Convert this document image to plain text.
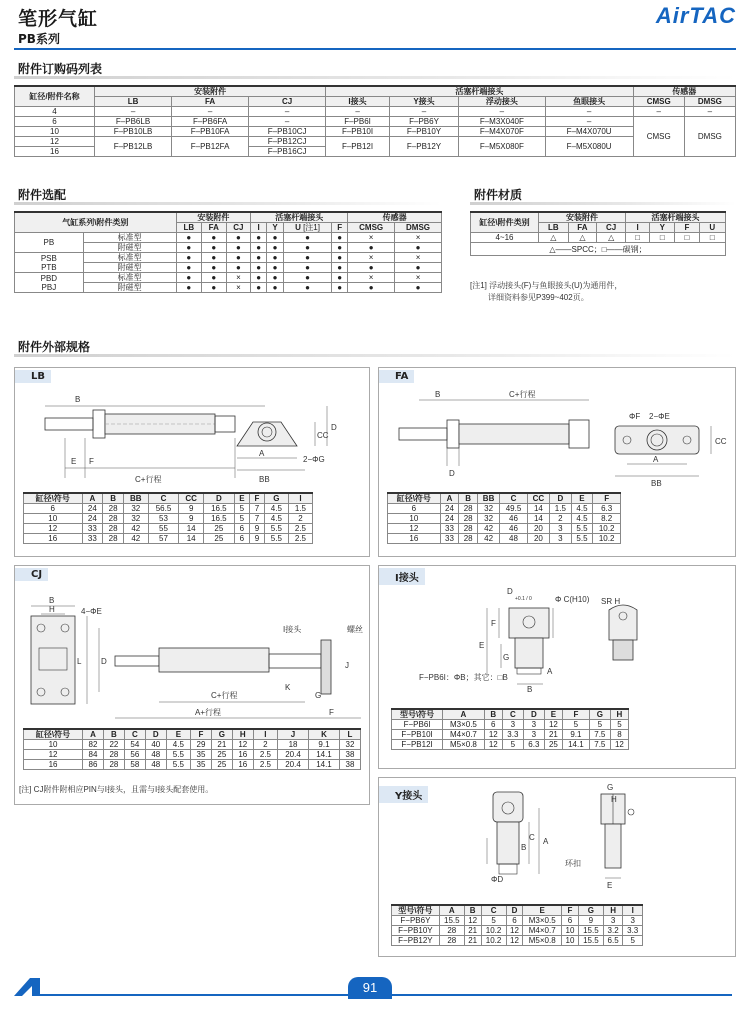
笔形气缸
PB系列
AirTAC
附件订购码列表
缸径/附件名称	安装附件			活塞杆端接头				传感器	
	LB	FA	CJ	I接头	Y接头	浮动接头	鱼眼接头	CMSG	DMSG
4	–	–	–	–	–	–	–	–	–
6	F–PB6LB	F–PB6FA	–	F–PB6I	F–PB6Y	F–M3X040F	–	CMSG	DMSG
10	F–PB10LB	F–PB10FA	F–PB10CJ	F–PB10I	F–PB10Y	F–M4X070F	F–M4X070U		
12	F–PB12LB	F–PB12FA	F–PB12CJ	F–PB12I	F–PB12Y	F–M5X080F	F–M5X080U		
16			F–PB16CJ						
附件选配
气缸系列\附件类别		安装附件			活塞杆端接头				传感器	
		LB	FA	CJ	I	Y	U [注1]	F	CMSG	DMSG

PB	标准型	●	●	●	●	●	●	●	×	×
	附磁型	●	●	●	●	●	●	●	●	●

PSB
PTB	标准型	●	●	●	●	●	●	●	×	×
	附磁型	●	●	●	●	●	●	●	●	●

PBD
PBJ	标准型	●	●	×	●	●	●	●	×	×
	附磁型	●	●	×	●	●	●	●	●	●
附件材质
缸径\附件类别	安装附件			活塞杆端接头			
	LB	FA	CJ	I	Y	F	U
4~16	△	△	△	□	□	□	□
△——SPCC；□——碳钢；							
[注1] 浮动接头(F)与鱼眼接头(U)为通用件，
详细资料参见P399~402页。
附件外部规格
LB
B
E F
C+行程
A
BB
CC
D
2−ΦG
缸径\符号	A	B	BB	C	CC	D	E	F	G	I
6	24	28	32	56.5	9	16.5	5	7	4.5	1.5
10	24	28	32	53	9	16.5	5	7	4.5	2
12	33	28	42	55	14	25	6	9	5.5	2.5
16	33	28	42	57	14	25	6	9	5.5	2.5
FA
B	C+行程
D
ΦF 2−ΦE
CC
A
BB
缸径\符号	A	B	BB	C	CC	D	E	F
6	24	28	32	49.5	14	1.5	4.5	6.3
10	24	28	32	46	14	2	4.5	8.2
12	33	28	42	46	20	3	5.5	10.2
16	33	28	42	48	20	3	5.5	10.2
CJ
B
H	4−ΦE
L D
I接头	螺丝
J
K
G
C+行程
A+行程	F
缸径\符号	A	B	C	D	E	F	G	H	I	J	K	L
10	82	22	54	40	4.5	29	21	12	2	18	9.1	32
12	84	28	56	48	5.5	35	25	16	2.5	20.4	14.1	38
16	86	28	58	48	5.5	35	25	16	2.5	20.4	14.1	38
[注] CJ附件附相应PIN与I接头，且需与I接头配套使用。
I接头
D
+0.1 / 0	Φ C(H10) SR H
F
E
G
A
B
F−PB6I：ΦB；其它：□B
型号\符号	A	B	C	D	E	F	G	H
F−PB6I	M3×0.5	6	3	3	12	5	5	5
F−PB10I	M4×0.7	12	3.3	3	21	9.1	7.5	8
F−PB12I	M5×0.8	12	5	6.3	25	14.1	7.5	12
Y接头
G
H
C
B
A
ΦD
E
环扣
型号\符号	A	B	C	D	E	F	G	H	I
F−PB6Y	15.5	12	5	6	M3×0.5	6	9	3	3
F−PB10Y	28	21	10.2	12	M4×0.7	10	15.5	3.2	3.3
F−PB12Y	28	21	10.2	12	M5×0.8	10	15.5	6.5	5
91
